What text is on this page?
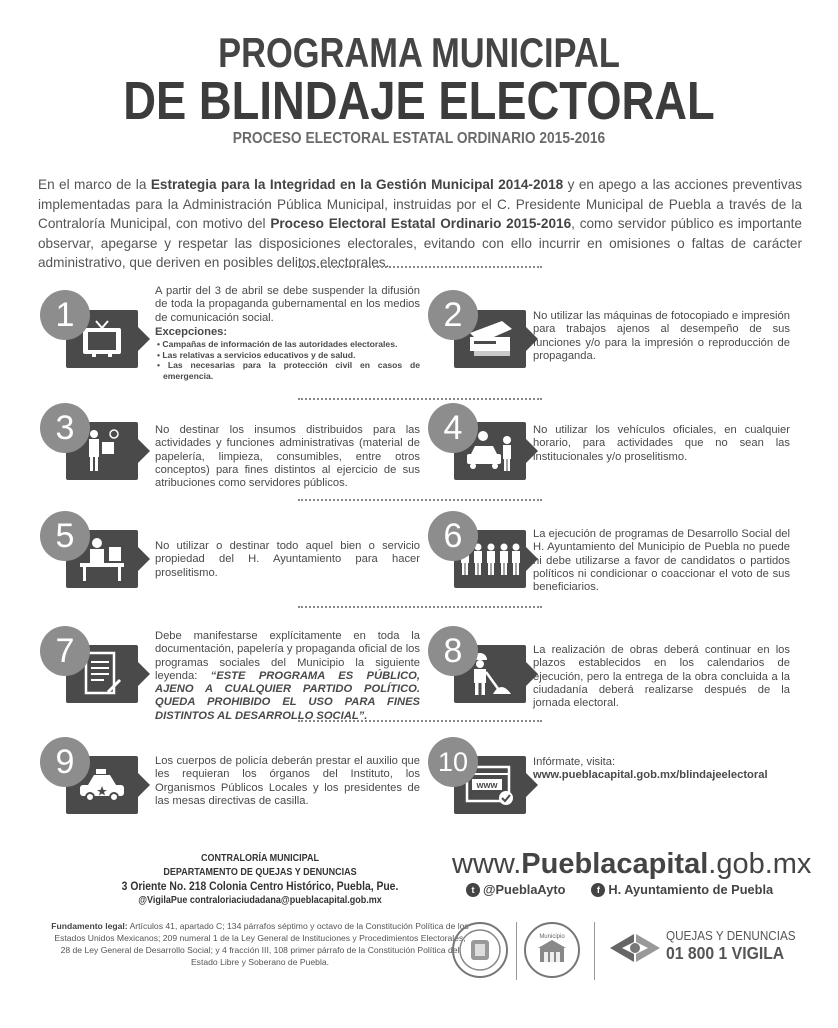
PROGRAMA MUNICIPAL
DE BLINDAJE ELECTORAL
PROCESO ELECTORAL ESTATAL ORDINARIO 2015-2016
En el marco de la Estrategia para la Integridad en la Gestión Municipal 2014-2018 y en apego a las acciones preventivas implementadas para la Administración Pública Municipal, instruidas por el C. Presidente Municipal de Puebla a través de la Contraloría Municipal, con motivo del Proceso Electoral Estatal Ordinario 2015-2016, como servidor público es importante observar, apegarse y respetar las disposiciones electorales, evitando con ello incurrir en omisiones o faltas de carácter administrativo, que deriven en posibles delitos electorales.
1
A partir del 3 de abril se debe suspender la difusión de toda la propaganda gubernamental en los medios de comunicación social.
Excepciones:
• Campañas de información de las autoridades electorales.
• Las relativas a servicios educativos y de salud.
• Las necesarias para la protección civil en casos de emergencia.
2	No utilizar las máquinas de fotocopiado e impresión para trabajos ajenos al desempeño de sus funciones y/o para la impresión o reproducción de propaganda.
3	No destinar los insumos distribuidos para las actividades y funciones administrativas (material de papelería, limpieza, consumibles, entre otros conceptos) para fines distintos al ejercicio de sus atribuciones como servidores públicos.
4	No utilizar los vehículos oficiales, en cualquier horario, para actividades que no sean las institucionales y/o proselitismo.
5	No utilizar o destinar todo aquel bien o servicio propiedad del H. Ayuntamiento para hacer proselitismo.
6	La ejecución de programas de Desarrollo Social del H. Ayuntamiento del Municipio de Puebla no puede ni debe utilizarse a favor de candidatos o partidos políticos ni condicionar o coaccionar el voto de sus beneficiarios.
7	Debe manifestarse explícitamente en toda la documentación, papelería y propaganda oficial de los programas sociales del Municipio la siguiente leyenda: “ESTE PROGRAMA ES PÚBLICO, AJENO A CUALQUIER PARTIDO POLÍTICO. QUEDA PROHIBIDO EL USO PARA FINES DISTINTOS AL DESARROLLO SOCIAL”.
8	La realización de obras deberá continuar en los plazos establecidos en los calendarios de ejecución, pero la entrega de la obra concluida a la ciudadanía deberá realizarse después de la jornada electoral.
9	Los cuerpos de policía deberán prestar el auxilio que les requieran los órganos del Instituto, los Organismos Públicos Locales y los presidentes de las mesas directivas de casilla.
10
www
Infórmate, visita:
www.pueblacapital.gob.mx/blindajeelectoral
CONTRALORÍA MUNICIPAL
DEPARTAMENTO DE QUEJAS Y DENUNCIAS
3 Oriente No. 218 Colonia Centro Histórico, Puebla, Pue.
@VigilaPue contraloriaciudadana@pueblacapital.gob.mx
Fundamento legal: Artículos 41, apartado C; 134 párrafos séptimo y octavo de la Constitución Política de los Estados Unidos Mexicanos; 209 numeral 1 de la Ley General de Instituciones y Procedimientos Electorales; 28 de Ley General de Desarrollo Social; y 4 fracción III, 108 primer párrafo de la Constitución Política del Estado Libre y Soberano de Puebla.
www.Pueblacapital.gob.mx
t @PueblaAyto	f H. Ayuntamiento de Puebla
Municipio	QUEJAS Y DENUNCIAS
01 800 1 VIGILA
